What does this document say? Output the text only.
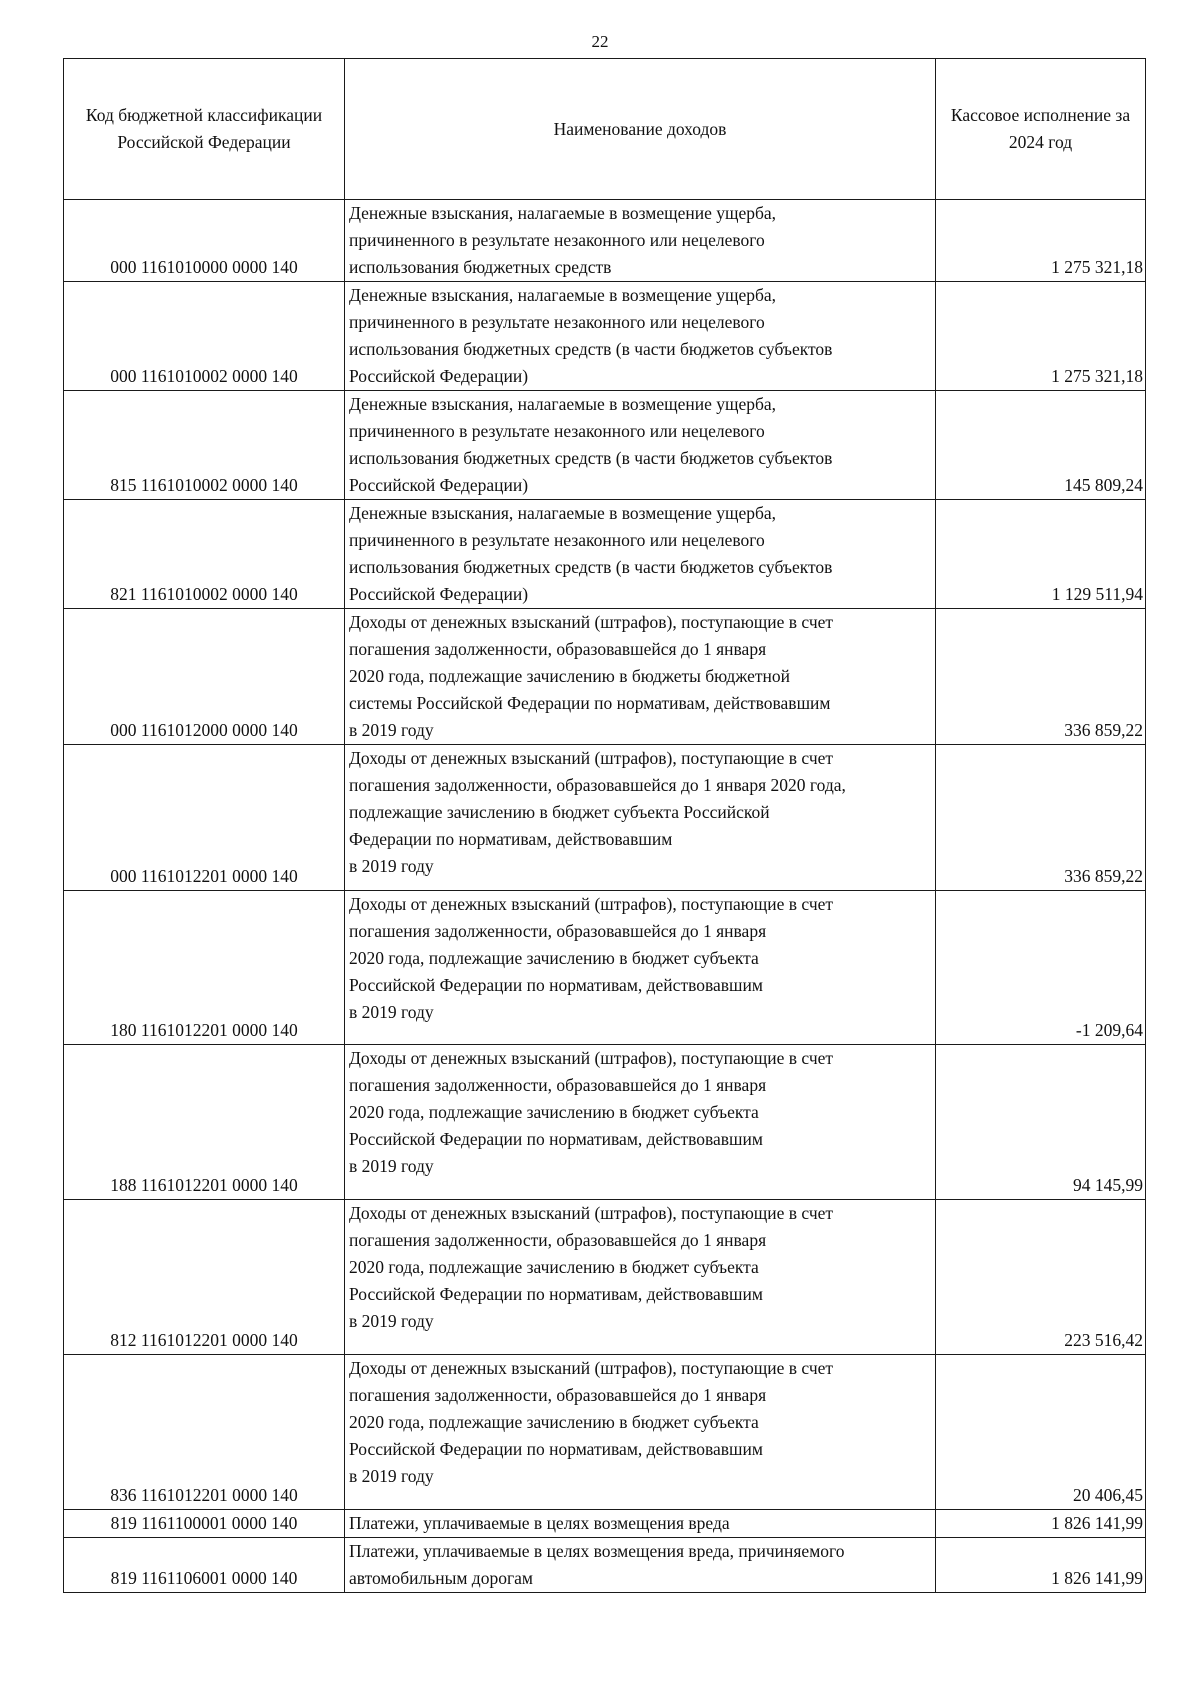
22
Код бюджетной классификации Российской Федерации	Наименование доходов	Кассовое исполнение за 2024 год
000 1161010000 0000 140	Денежные взыскания, налагаемые в возмещение ущерба,
причиненного в результате незаконного или нецелевого
использования бюджетных средств	1 275 321,18
000 1161010002 0000 140	Денежные взыскания, налагаемые в возмещение ущерба,
причиненного в результате незаконного или нецелевого
использования бюджетных средств (в части бюджетов субъектов
Российской Федерации)	1 275 321,18
815 1161010002 0000 140	Денежные взыскания, налагаемые в возмещение ущерба,
причиненного в результате незаконного или нецелевого
использования бюджетных средств (в части бюджетов субъектов
Российской Федерации)	145 809,24
821 1161010002 0000 140	Денежные взыскания, налагаемые в возмещение ущерба,
причиненного в результате незаконного или нецелевого
использования бюджетных средств (в части бюджетов субъектов
Российской Федерации)	1 129 511,94
000 1161012000 0000 140	Доходы от денежных взысканий (штрафов), поступающие в счет
погашения задолженности, образовавшейся до 1 января
2020 года, подлежащие зачислению в бюджеты бюджетной
системы Российской Федерации по нормативам, действовавшим
в 2019 году	336 859,22
000 1161012201 0000 140	Доходы от денежных взысканий (штрафов), поступающие в счет
погашения задолженности, образовавшейся до 1 января 2020 года,
подлежащие зачислению в бюджет субъекта Российской
Федерации по нормативам, действовавшим
в 2019 году	336 859,22
180 1161012201 0000 140	Доходы от денежных взысканий (штрафов), поступающие в счет
погашения задолженности, образовавшейся до 1 января
2020 года, подлежащие зачислению в бюджет субъекта
Российской Федерации по нормативам, действовавшим
в 2019 году	-1 209,64
188 1161012201 0000 140	Доходы от денежных взысканий (штрафов), поступающие в счет
погашения задолженности, образовавшейся до 1 января
2020 года, подлежащие зачислению в бюджет субъекта
Российской Федерации по нормативам, действовавшим
в 2019 году	94 145,99
812 1161012201 0000 140	Доходы от денежных взысканий (штрафов), поступающие в счет
погашения задолженности, образовавшейся до 1 января
2020 года, подлежащие зачислению в бюджет субъекта
Российской Федерации по нормативам, действовавшим
в 2019 году	223 516,42
836 1161012201 0000 140	Доходы от денежных взысканий (штрафов), поступающие в счет
погашения задолженности, образовавшейся до 1 января
2020 года, подлежащие зачислению в бюджет субъекта
Российской Федерации по нормативам, действовавшим
в 2019 году	20 406,45
819 1161100001 0000 140	Платежи, уплачиваемые в целях возмещения вреда	1 826 141,99
819 1161106001 0000 140	Платежи, уплачиваемые в целях возмещения вреда, причиняемого
автомобильным дорогам	1 826 141,99
